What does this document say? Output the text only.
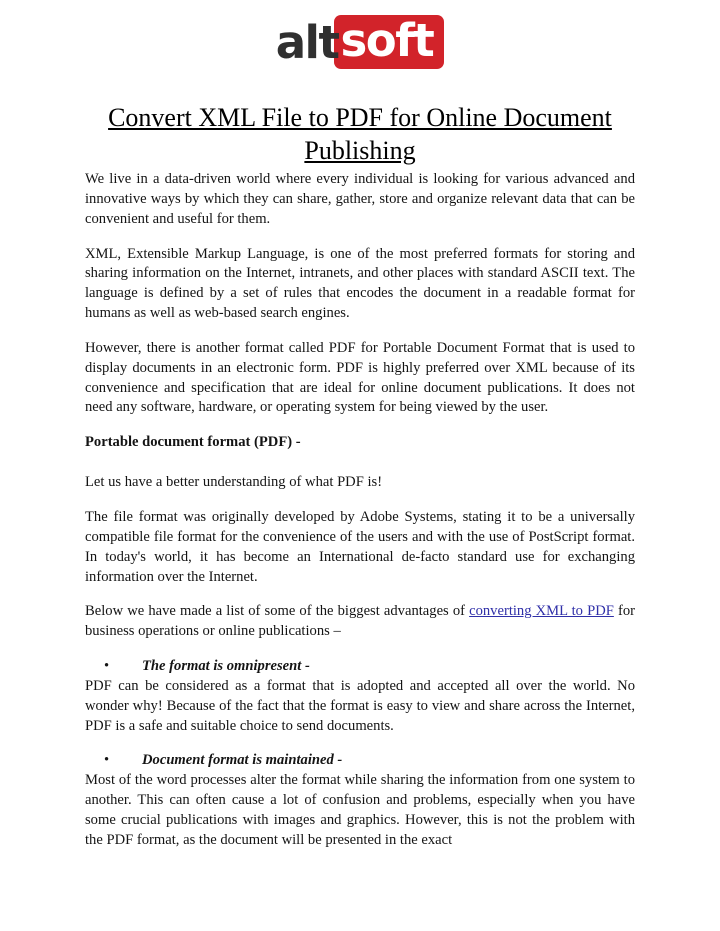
alt soft
Convert XML File to PDF for Online Document
Publishing

We live in a data-driven world where every individual is looking for various advanced and innovative ways by which they can share, gather, store and organize relevant data that can be convenient and useful for them.

XML, Extensible Markup Language, is one of the most preferred formats for storing and sharing information on the Internet, intranets, and other places with standard ASCII text. The language is defined by a set of rules that encodes the document in a readable format for humans as well as web-based search engines.

However, there is another format called PDF for Portable Document Format that is used to display documents in an electronic form. PDF is highly preferred over XML because of its convenience and specification that are ideal for online document publications. It does not need any software, hardware, or operating system for being viewed by the user.

Portable document format (PDF) -

Let us have a better understanding of what PDF is!

The file format was originally developed by Adobe Systems, stating it to be a universally compatible file format for the convenience of the users and with the use of PostScript format. In today's world, it has become an International de-facto standard use for exchanging information over the Internet.

Below we have made a list of some of the biggest advantages of converting XML to PDF for business operations or online publications –

• The format is omnipresent -

PDF can be considered as a format that is adopted and accepted all over the world. No wonder why! Because of the fact that the format is easy to view and share across the Internet, PDF is a safe and suitable choice to send documents.

• Document format is maintained -

Most of the word processes alter the format while sharing the information from one system to another. This can often cause a lot of confusion and problems, especially when you have some crucial publications with images and graphics. However, this is not the problem with the PDF format, as the document will be presented in the exact
